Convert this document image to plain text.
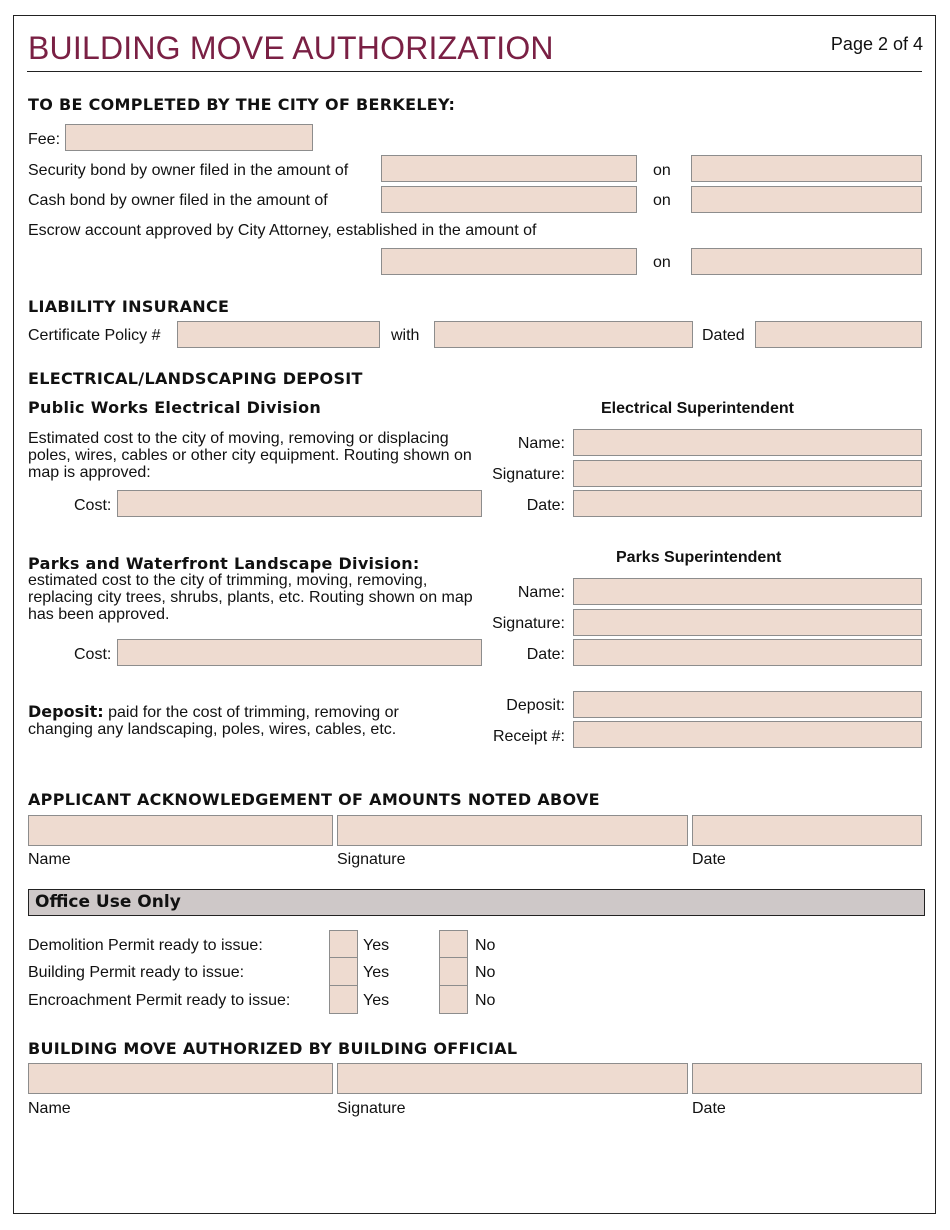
BUILDING MOVE AUTHORIZATION	Page 2 of 4
TO BE COMPLETED BY THE CITY OF BERKELEY:
Fee:
Security bond by owner filed in the amount of	on
Cash bond by owner filed in the amount of	on
Escrow account approved by City Attorney, established in the amount of
on
LIABILITY INSURANCE
Certificate Policy #	with	Dated
ELECTRICAL/LANDSCAPING DEPOSIT
Public Works Electrical Division	Electrical Superintendent
Estimated cost to the city of moving, removing or displacing poles, wires, cables or other city equipment. Routing shown on map is approved:
Name:
Signature:
Cost:	Date:
Parks Superintendent
Parks and Waterfront Landscape Division:
estimated cost to the city of trimming, moving, removing, replacing city trees, shrubs, plants, etc. Routing shown on map has been approved.
Name:
Signature:
Cost:	Date:
Deposit: paid for the cost of trimming, removing or changing any landscaping, poles, wires, cables, etc.
Deposit:
Receipt #:
APPLICANT ACKNOWLEDGEMENT OF AMOUNTS NOTED ABOVE
Name	Signature	Date
Office Use Only
Demolition Permit ready to issue:	Yes	No
Building Permit ready to issue:	Yes	No
Encroachment Permit ready to issue:	Yes	No
BUILDING MOVE AUTHORIZED BY BUILDING OFFICIAL
Name	Signature	Date
